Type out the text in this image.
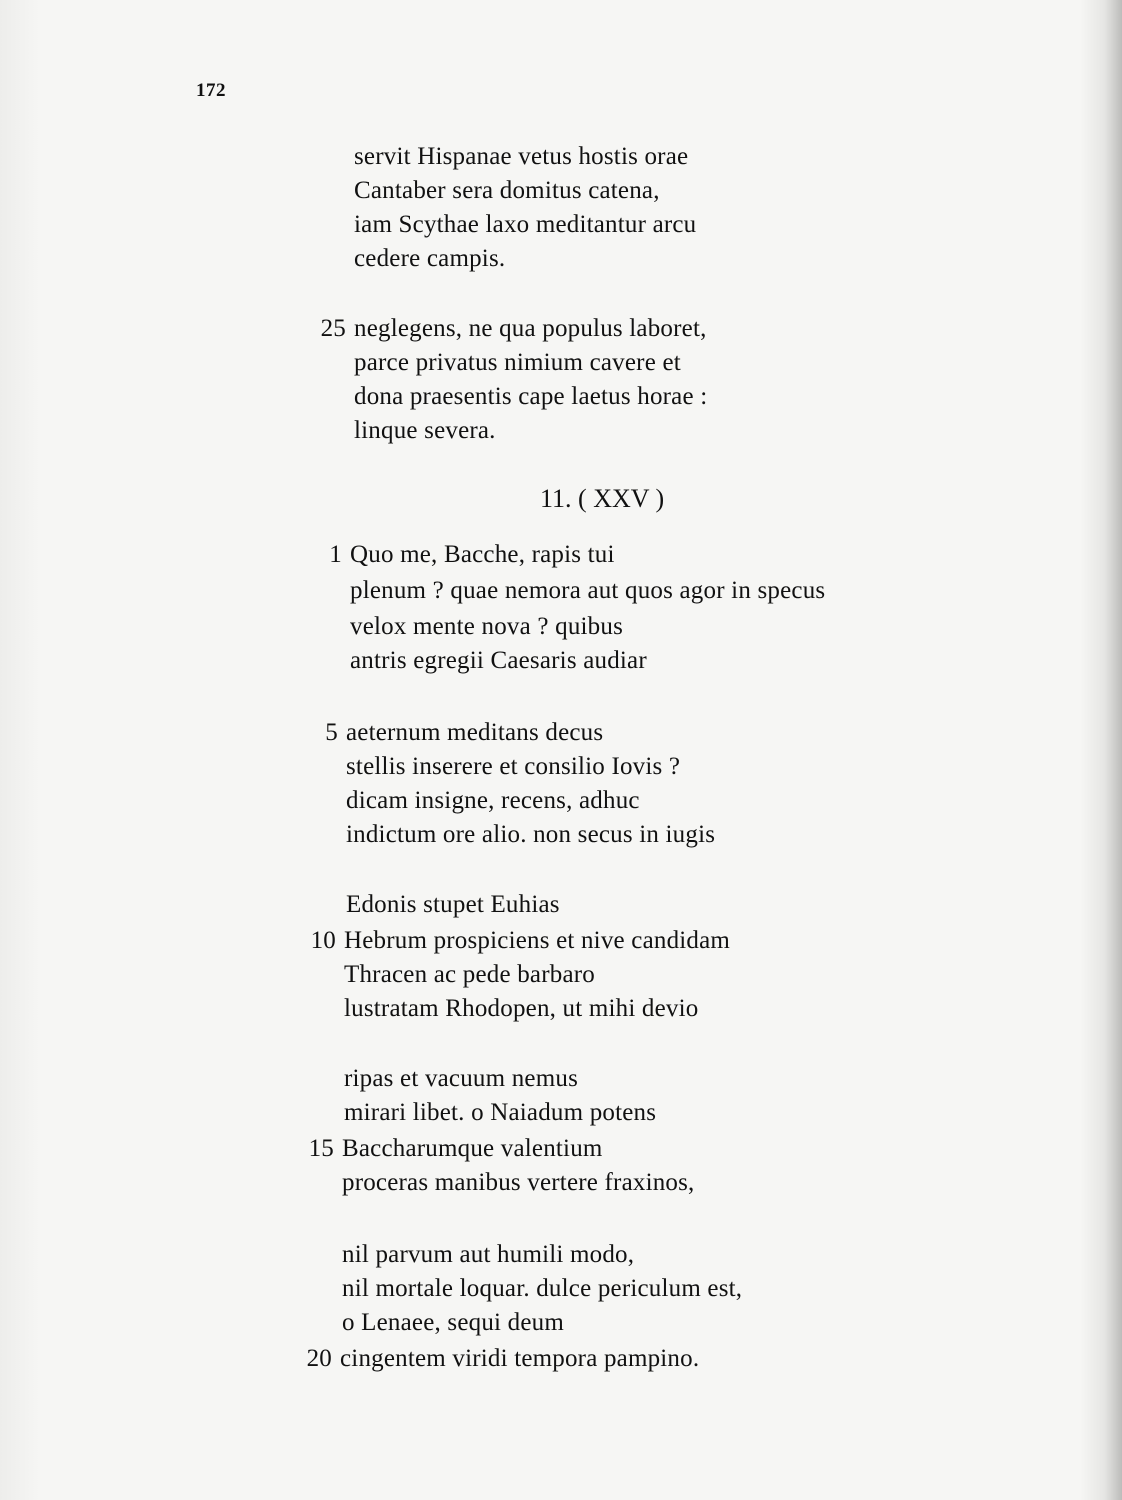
172
servit Hispanae vetus hostis orae
Cantaber sera domitus catena,
iam Scythae laxo meditantur arcu
cedere campis.
25 neglegens, ne qua populus laboret,
parce privatus nimium cavere et
dona praesentis cape laetus horae :
linque severa.
11. ( XXV )
1 Quo me, Bacche, rapis tui
plenum ? quae nemora aut quos agor in specus
velox mente nova ? quibus
antris egregii Caesaris audiar
5 aeternum meditans decus
stellis inserere et consilio Iovis ?
dicam insigne, recens, adhuc
indictum ore alio. non secus in iugis
Edonis stupet Euhias
10 Hebrum prospiciens et nive candidam
Thracen ac pede barbaro
lustratam Rhodopen, ut mihi devio
ripas et vacuum nemus
mirari libet. o Naiadum potens
15 Baccharumque valentium
proceras manibus vertere fraxinos,
nil parvum aut humili modo,
nil mortale loquar. dulce periculum est,
o Lenaee, sequi deum
20 cingentem viridi tempora pampino.
